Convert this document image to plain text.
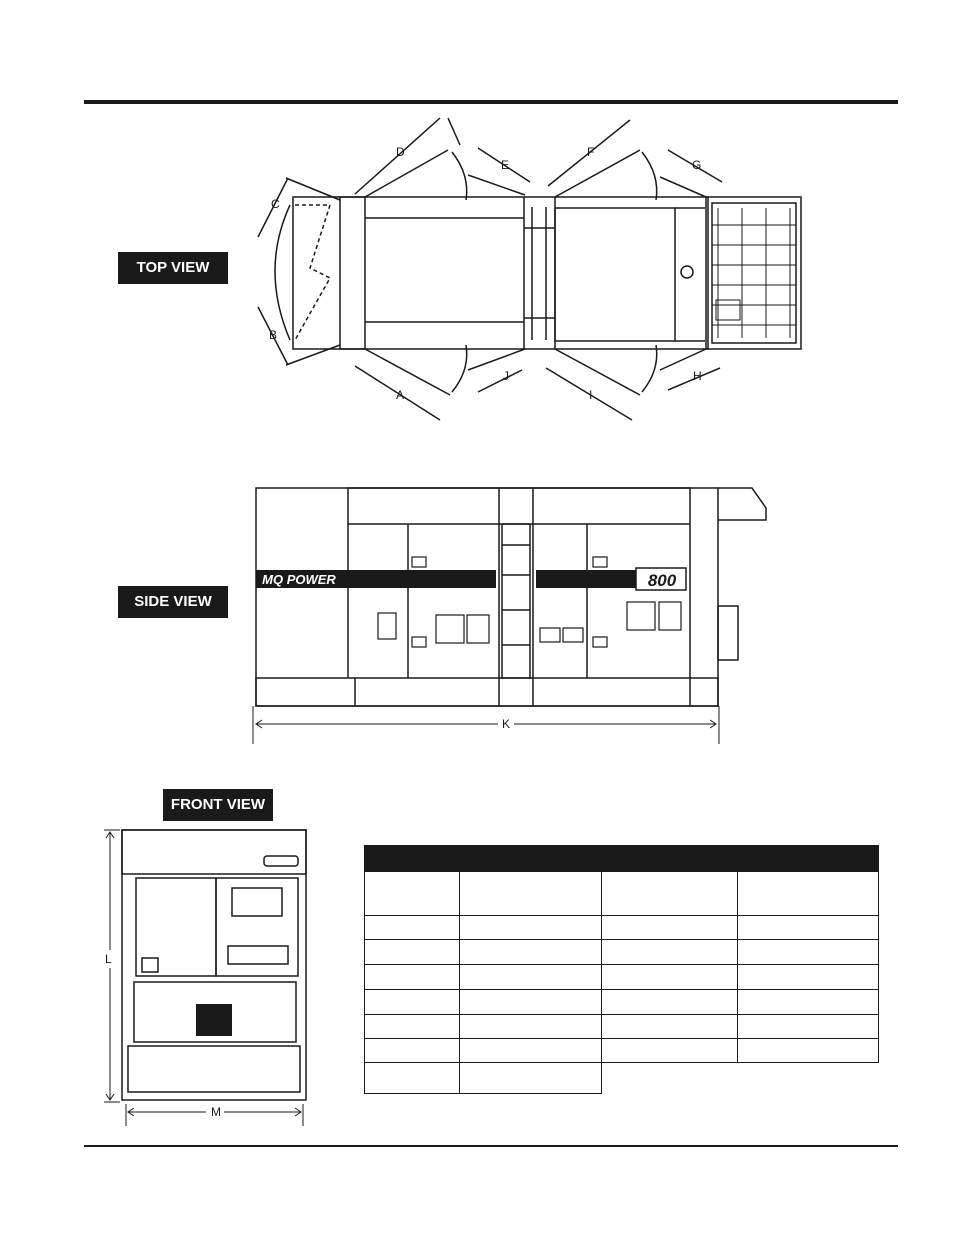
TOP VIEW
SIDE VIEW
FRONT VIEW
D
E
F
G
C
B
A
J
I
H
MQ POWER	800
K
L
M
